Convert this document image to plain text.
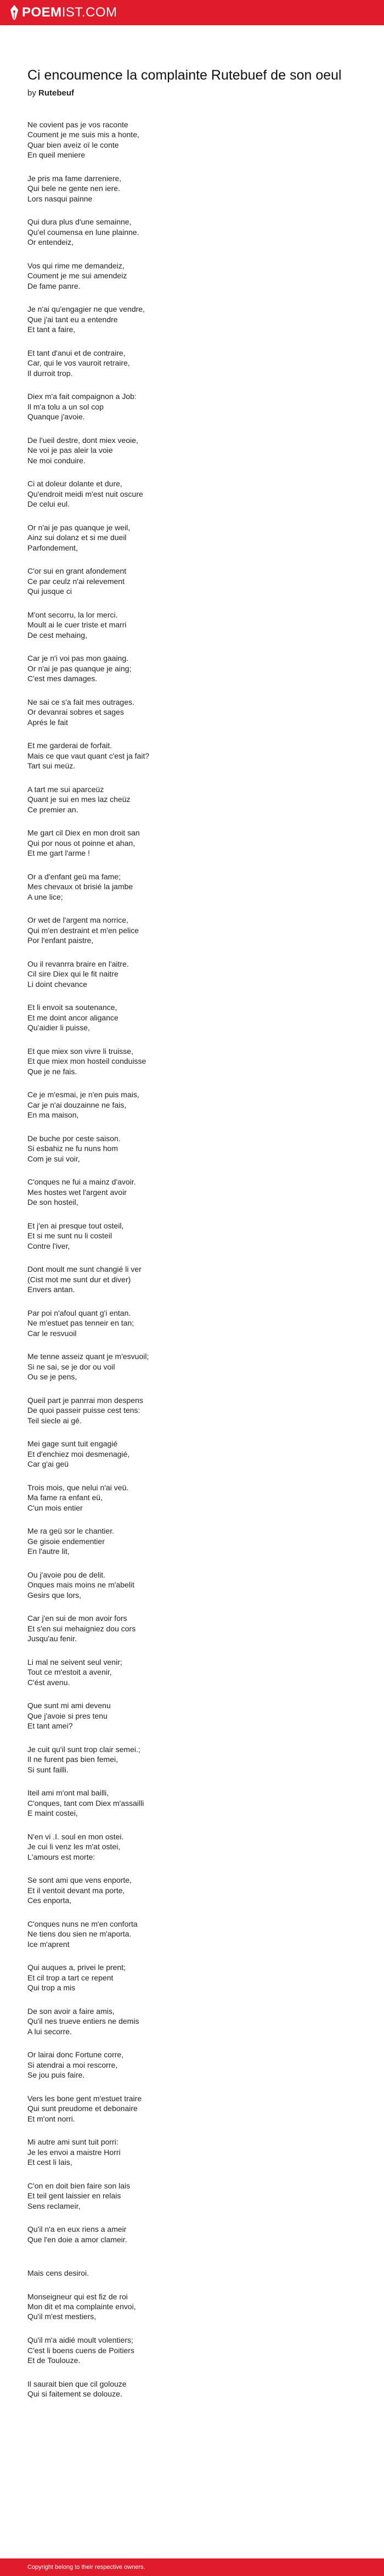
POEMIST.COM
Ci encoumence la complainte Rutebuef de son oeul
by Rutebeuf
Ne covient pas je vos raconte
Coument je me suis mis a honte,
Quar bien aveiz oï le conte
En queil meniere
Je pris ma fame darreniere,
Qui bele ne gente nen iere.
Lors nasqui painne
Qui dura plus d'une semainne,
Qu'el coumensa en lune plainne.
Or entendeiz,
Vos qui rime me demandeiz,
Coument je me sui amendeiz
De fame panre.
Je n'ai qu'engagier ne que vendre,
Que j'ai tant eu a entendre
Et tant a faire,
Et tant d'anui et de contraire,
Car, qui le vos vauroit retraire,
Il durroit trop.
Diex m'a fait compaignon a Job:
Il m'a tolu a un sol cop
Quanque j'avoie.
De l'ueil destre, dont miex veoie,
Ne voi je pas aleir la voie
Ne moi conduire.
Ci at doleur dolante et dure,
Qu'endroit meidi m'est nuit oscure
De celui eul.
Or n'ai je pas quanque je weil,
Ainz sui dolanz et si me dueil
Parfondement,
C'or sui en grant afondement
Ce par ceulz n'ai relevement
Qui jusque ci
M'ont secorru, la lor merci.
Moult ai le cuer triste et marri
De cest mehaing,
Car je n'i voi pas mon gaaing.
Or n'ai je pas quanque je aing;
C'est mes damages.
Ne sai ce s'a fait mes outrages.
Or devanrai sobres et sages
Aprés le fait
Et me garderai de forfait.
Mais ce que vaut quant c'est ja fait?
Tart sui meüz.
A tart me sui aparceüz
Quant je sui en mes laz cheüz
Ce premier an.
Me gart cil Diex en mon droit san
Qui por nous ot poinne et ahan,
Et me gart l'arme !
Or a d'enfant geü ma fame;
Mes chevaux ot brisié la jambe
A une lice;
Or wet de l'argent ma norrice,
Qui m'en destraint et m'en pelice
Por l'enfant paistre,
Ou il revanrra braire en l'aitre.
Cil sire Diex qui le fit naitre
Li doint chevance
Et li envoit sa soutenance,
Et me doint ancor aligance
Qu'aidier li puisse,
Et que miex son vivre li truisse,
Et que miex mon hosteil conduisse
Que je ne fais.
Ce je m'esmai, je n'en puis mais,
Car je n'ai douzainne ne fais,
En ma maison,
De buche por ceste saison.
Si esbahiz ne fu nuns hom
Com je sui voir,
C'onques ne fui a mainz d'avoir.
Mes hostes wet l'argent avoir
De son hosteil,
Et j'en ai presque tout osteil,
Et si me sunt nu li costeil
Contre l'iver,
Dont moult me sunt changié li ver
(Cist mot me sunt dur et diver)
Envers antan.
Par poi n'afoul quant g'i entan.
Ne m'estuet pas tenneir en tan;
Car le resvuoil
Me tenne asseiz quant je m'esvuoil;
Si ne sai, se je dor ou voil
Ou se je pens,
Queil part je panrrai mon despens
De quoi passeir puisse cest tens:
Teil siecle ai gé.
Mei gage sunt tuit engagié
Et d'enchiez moi desmenagié,
Car g'ai geü
Trois mois, que nelui n'ai veü.
Ma fame ra enfant eü,
C'un mois entier
Me ra geü sor le chantier.
Ge gisoie endementier
En l'autre lit,
Ou j'avoie pou de delit.
Onques mais moins ne m'abelit
Gesirs que lors,
Car j'en sui de mon avoir fors
Et s'en sui mehaigniez dou cors
Jusqu'au fenir.
Li mal ne seivent seul venir;
Tout ce m'estoit a avenir,
C'ést avenu.
Que sunt mi ami devenu
Que j'avoie si pres tenu
Et tant amei?
Je cuit qu'il sunt trop clair semei.;
Il ne furent pas bien femei,
Si sunt failli.
Iteil ami m'ont mal bailli,
C'onques, tant com Diex m'assailli
E maint costei,
N'en vi .I. soul en mon ostei.
Je cui li venz les m'at ostei,
L'amours est morte:
Se sont ami que vens enporte,
Et il ventoit devant ma porte,
Ces enporta,
C'onques nuns ne m'en conforta
Ne tiens dou sien ne m'aporta.
Ice m'aprent
Qui auques a, privei le prent;
Et cil trop a tart ce repent
Qui trop a mis
De son avoir a faire amis,
Qu'il nes trueve entiers ne demis
A lui secorre.
Or lairai donc Fortune corre,
Si atendrai a moi rescorre,
Se jou puis faire.
Vers les bone gent m'estuet traire
Qui sunt preudome et debonaire
Et m'ont norri.
Mi autre ami sunt tuit porri:
Je les envoi a maistre Horri
Et cest li lais,
C'on en doit bien faire son lais
Et teil gent laissier en relais
Sens reclameir,
Qu'il n'a en eux riens a ameir
Que l'en doie a amor clameir.
Mais cens desiroi.
Monseigneur qui est fiz de roi
Mon dit et ma complainte envoi,
Qu'il m'est mestiers,
Qu'il m'a aidié moult volentiers;
C'est li boens cuens de Poitiers
Et de Toulouze.
Il saurait bien que cil golouze
Qui si faitement se dolouze.
Copyright belong to their respective owners.
